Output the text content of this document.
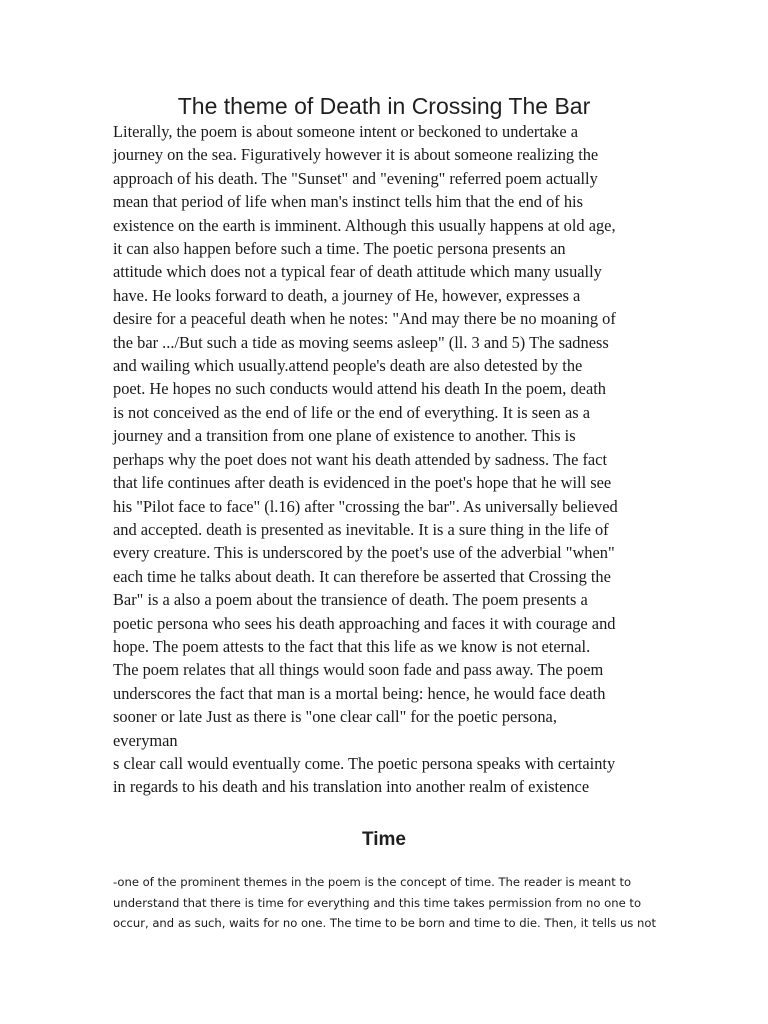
The theme of Death in Crossing The Bar
Literally, the poem is about someone intent or beckoned to undertake a
journey on the sea. Figuratively however it is about someone realizing the
approach of his death. The "Sunset" and "evening" referred poem actually
mean that period of life when man's instinct tells him that the end of his
existence on the earth is imminent. Although this usually happens at old age,
it can also happen before such a time. The poetic persona presents an
attitude which does not a typical fear of death attitude which many usually
have. He looks forward to death, a journey of He, however, expresses a
desire for a peaceful death when he notes: "And may there be no moaning of
the bar .../But such a tide as moving seems asleep" (ll. 3 and 5) The sadness
and wailing which usually.attend people's death are also detested by the
poet. He hopes no such conducts would attend his death In the poem, death
is not conceived as the end of life or the end of everything. It is seen as a
journey and a transition from one plane of existence to another. This is
perhaps why the poet does not want his death attended by sadness. The fact
that life continues after death is evidenced in the poet's hope that he will see
his "Pilot face to face" (l.16) after "crossing the bar". As universally believed
and accepted. death is presented as inevitable. It is a sure thing in the life of
every creature. This is underscored by the poet's use of the adverbial "when"
each time he talks about death. It can therefore be asserted that Crossing the
Bar" is a also a poem about the transience of death. The poem presents a
poetic persona who sees his death approaching and faces it with courage and
hope. The poem attests to the fact that this life as we know is not eternal.
The poem relates that all things would soon fade and pass away. The poem
underscores the fact that man is a mortal being: hence, he would face death
sooner or late Just as there is "one clear call" for the poetic persona,
everyman
s clear call would eventually come. The poetic persona speaks with certainty
in regards to his death and his translation into another realm of existence
Time
-one of the prominent themes in the poem is the concept of time. The reader is meant to
understand that there is time for everything and this time takes permission from no one to
occur, and as such, waits for no one. The time to be born and time to die. Then, it tells us not
